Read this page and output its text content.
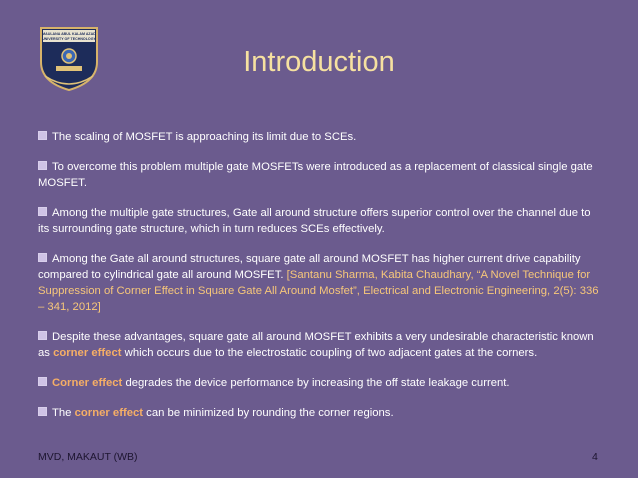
MAULANA ABUL KALAM AZAD
UNIVERSITY OF TECHNOLOGY
Introduction

The scaling of MOSFET is approaching its limit due to SCEs.

To overcome this problem multiple gate MOSFETs were introduced as a replacement of classical single gate MOSFET.

Among the multiple gate structures, Gate all around structure offers superior control over the channel due to its surrounding gate structure, which in turn reduces SCEs effectively.

Among the Gate all around structures, square gate all around MOSFET has higher current drive capability compared to cylindrical gate all around MOSFET. [Santanu Sharma, Kabita Chaudhary, “A Novel Technique for Suppression of Corner Effect in Square Gate All Around Mosfet”, Electrical and Electronic Engineering, 2(5): 336 – 341, 2012]

Despite these advantages, square gate all around MOSFET exhibits a very undesirable characteristic known as corner effect which occurs due to the electrostatic coupling of two adjacent gates at the corners.

Corner effect degrades the device performance by increasing the off state leakage current.

The corner effect can be minimized by rounding the corner regions.

MVD, MAKAUT (WB)	4
